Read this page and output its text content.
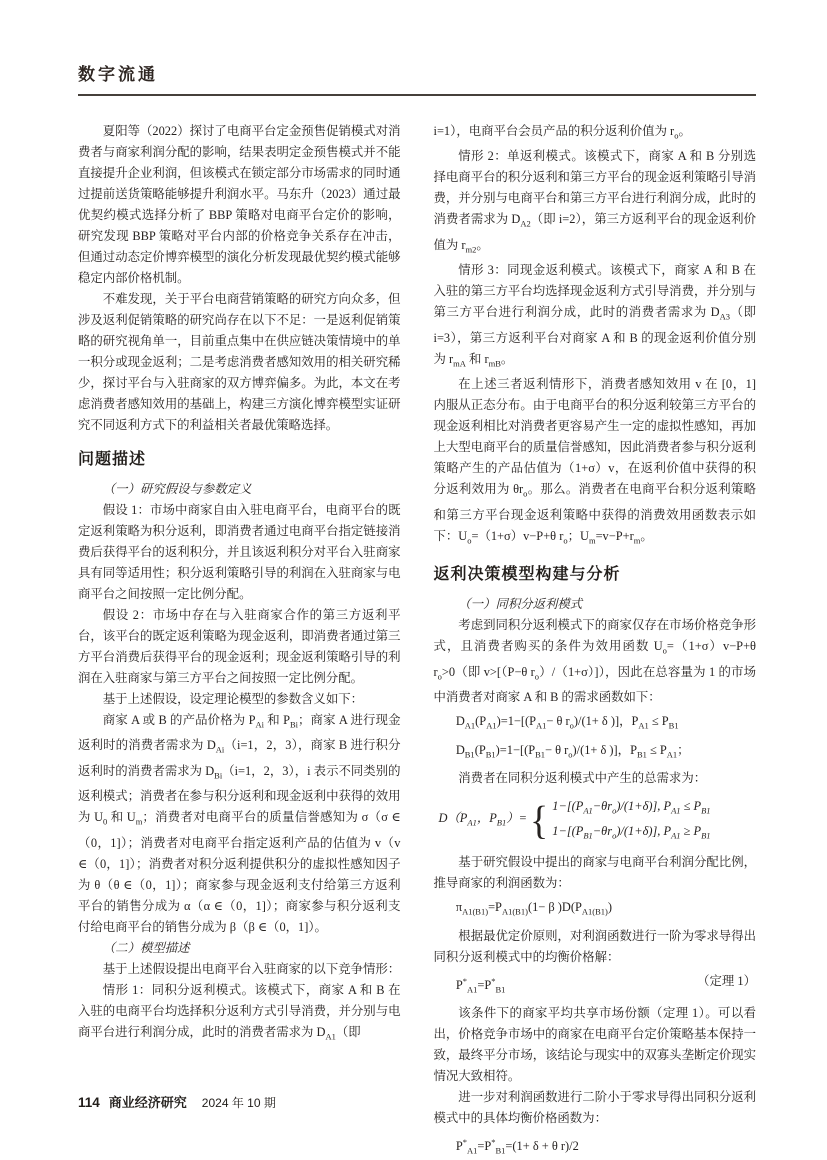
数字流通

夏阳等（2022）探讨了电商平台定金预售促销模式对消费者与商家利润分配的影响，结果表明定金预售模式并不能直接提升企业利润，但该模式在锁定部分市场需求的同时通过提前送货策略能够提升利润水平。马东升（2023）通过最优契约模式选择分析了 BBP 策略对电商平台定价的影响，研究发现 BBP 策略对平台内部的价格竞争关系存在冲击，但通过动态定价博弈模型的演化分析发现最优契约模式能够稳定内部价格机制。

不难发现，关于平台电商营销策略的研究方向众多，但涉及返利促销策略的研究尚存在以下不足：一是返利促销策略的研究视角单一，目前重点集中在供应链决策情境中的单一积分或现金返利；二是考虑消费者感知效用的相关研究稀少，探讨平台与入驻商家的双方博弈偏多。为此，本文在考虑消费者感知效用的基础上，构建三方演化博弈模型实证研究不同返利方式下的利益相关者最优策略选择。

问题描述

（一）研究假设与参数定义

假设 1：市场中商家自由入驻电商平台，电商平台的既定返利策略为积分返利，即消费者通过电商平台指定链接消费后获得平台的返利积分，并且该返利积分对平台入驻商家具有同等适用性；积分返利策略引导的利润在入驻商家与电商平台之间按照一定比例分配。

假设 2：市场中存在与入驻商家合作的第三方返利平台，该平台的既定返利策略为现金返利，即消费者通过第三方平台消费后获得平台的现金返利；现金返利策略引导的利润在入驻商家与第三方平台之间按照一定比例分配。

基于上述假设，设定理论模型的参数含义如下：

商家 A 或 B 的产品价格为 $P_{Ai}$ 和 $P_{Bi}$；商家 A 进行现金返利时的消费者需求为 $D_{Ai}(i=1$，2，3），商家 B 进行积分返利时的消费者需求为 $D_{Bi}(i=1$，2，3），i 表示不同类别的返利模式；消费者在参与积分返利和现金返利中获得的效用为 $U_0$ 和 $U_m$；消费者对电商平台的质量信誉感知为 σ（σ ∈（0，1]）；消费者对电商平台指定返利产品的估值为 v（v ∈（0，1]）；消费者对积分返利提供积分的虚拟性感知因子为 θ（θ ∈（0，1]）；商家参与现金返利支付给第三方返利平台的销售分成为 α（α ∈（0，1]）；商家参与积分返利支付给电商平台的销售分成为 β（β ∈（0，1]）。

（二）模型描述

基于上述假设提出电商平台入驻商家的以下竞争情形：

情形 1：同积分返利模式。该模式下，商家 A 和 B 在入驻的电商平台均选择积分返利方式引导消费，并分别与电商平台进行利润分成，此时的消费者需求为 $D_{A1}$（即

i=1），电商平台会员产品的积分返利价值为 $r_o$。

情形 2：单返利模式。该模式下，商家 A 和 B 分别选择电商平台的积分返利和第三方平台的现金返利策略引导消费，并分别与电商平台和第三方平台进行利润分成，此时的消费者需求为 $D_{A2}$（即 i=2），第三方返利平台的现金返利价值为 $r_{m2}$。

情形 3：同现金返利模式。该模式下，商家 A 和 B 在入驻的第三方平台均选择现金返利方式引导消费，并分别与第三方平台进行利润分成，此时的消费者需求为 $D_{A3}$（即 i=3），第三方返利平台对商家 A 和 B 的现金返利价值分别为 $r_{mA}$ 和 $r_{mB}$。

在上述三者返利情形下，消费者感知效用 v 在 [0，1] 内服从正态分布。由于电商平台的积分返利较第三方平台的现金返利相比对消费者更容易产生一定的虚拟性感知，再加上大型电商平台的质量信誉感知，因此消费者参与积分返利策略产生的产品估值为（1+σ）v，在返利价值中获得的积分返利效用为 $\theta r_o$。那么。消费者在电商平台积分返利策略和第三方平台现金返利策略中获得的消费效用函数表示如下：$U_o=(1+\sigma)v-P+\theta$ $r_o$；$U_m=v-P+r_m$。

返利决策模型构建与分析

（一）同积分返利模式

考虑到同积分返利模式下的商家仅存在市场价格竞争形式，且消费者购买的条件为效用函数 $U_o=(1+\sigma)v-P+\theta$ $r_o>0$（即 v>[（P−θ $r_o)/(1+\sigma)$]），因此在总容量为 1 的市场中消费者对商家 A 和 B 的需求函数如下：

$D_{A1}(P_{A1})=1-[(P_{A1}- \theta$ $r_o)/(1+ \delta$ )]，$P_{A1} \le P_{B1}$

$D_{B1}(P_{B1})=1-[(P_{B1}- \theta$ $r_o)/(1+ \delta$ )]，$P_{B1} \le P_{A1}$；

消费者在同积分返利模式中产生的总需求为：

$D(P_{A1}$，$P_{B1})=$ { $1-[(P_{A1}-\theta r_o)/(1+\delta)]$, $P_{A1} \le P_{B1}$
$1-[(P_{B1}-\theta r_o)/(1+\delta)]$, $P_{A1} \ge P_{B1}$

基于研究假设中提出的商家与电商平台利润分配比例，推导商家的利润函数为：

$\pi_{A1(B1)}=P_{A1(B1)}(1- \beta$ )$D(P_{A1(B1)})$

根据最优定价原则，对利润函数进行一阶为零求导得出同积分返利模式中的均衡价格解：

$P^*_{A1}=P^*_{B1}$
（定理 1）

该条件下的商家平均共享市场份额（定理 1）。可以看出，价格竞争市场中的商家在电商平台定价策略基本保持一致，最终平分市场，该结论与现实中的双寡头垄断定价现实情况大致相符。

进一步对利润函数进行二阶小于零求导得出同积分返利模式中的具体均衡价格函数为：

$P^*_{A1}=P^*_{B1}=(1+ \delta + \theta$ r)/2

114 商业经济研究 2024 年 10 期
